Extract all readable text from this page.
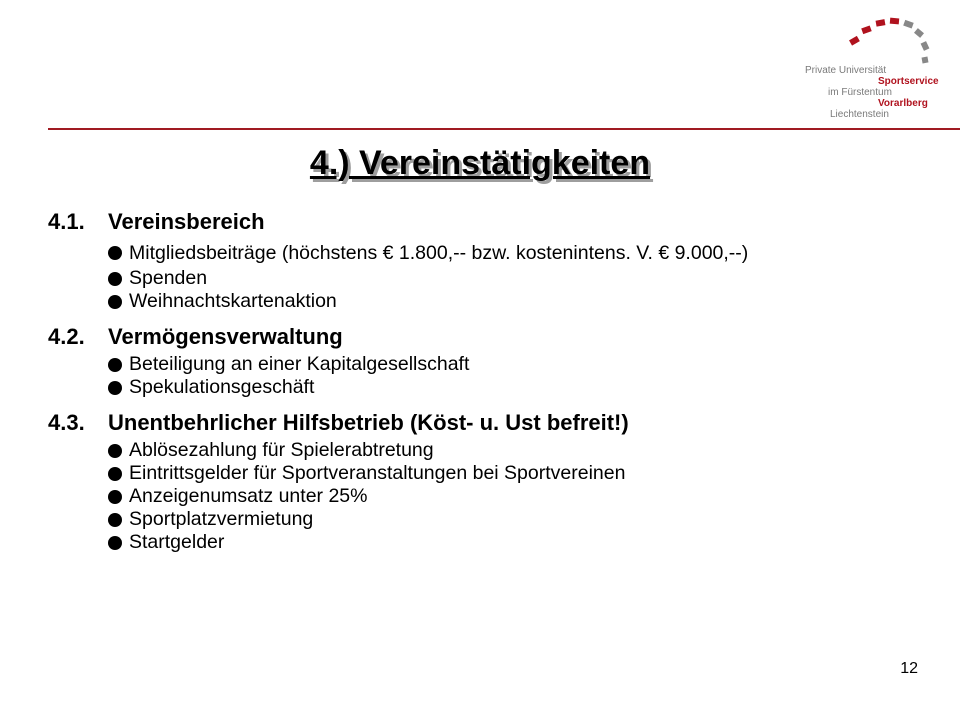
Private Universität
Sportservice
im Fürstentum
Vorarlberg
Liechtenstein
4.) Vereinstätigkeiten
4.1.	Vereinsbereich
Mitgliedsbeiträge (höchstens € 1.800,-- bzw. kostenintens. V. € 9.000,--)
Spenden
Weihnachtskartenaktion
4.2.	Vermögensverwaltung
Beteiligung an einer Kapitalgesellschaft
Spekulationsgeschäft
4.3.	Unentbehrlicher Hilfsbetrieb (Köst- u. Ust befreit!)
Ablösezahlung für Spielerabtretung
Eintrittsgelder für Sportveranstaltungen bei Sportvereinen
Anzeigenumsatz unter 25%
Sportplatzvermietung
Startgelder
12
